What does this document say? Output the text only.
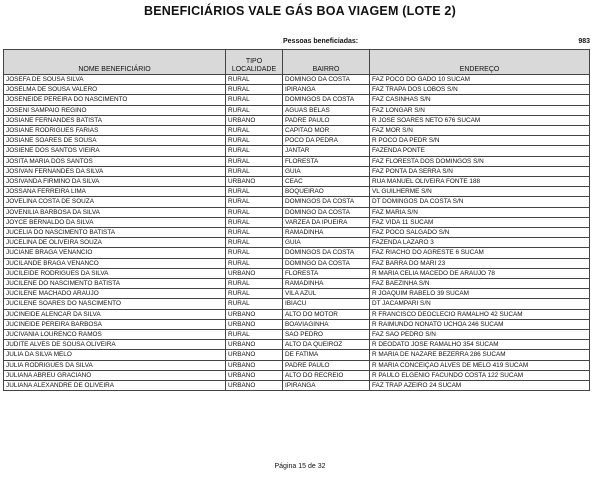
BENEFICIÁRIOS VALE GÁS BOA VIAGEM (LOTE 2)
Pessoas beneficiadas:	983
NOME BENEFICIÁRIO	TIPO LOCALIDADE	BAIRRO	ENDEREÇO
JOSEFA DE SOUSA SILVA	RURAL	DOMINGO DA COSTA	FAZ POCO DO GADO 10 SUCAM
JOSELMA DE SOUSA VALERO	RURAL	IPIRANGA	FAZ TRAPA DOS LOBOS S/N
JOSENEIDE PEREIRA DO NASCIMENTO	RURAL	DOMINGOS DA COSTA	FAZ CASINHAS S/N
JOSENI SAMPAIO REGINO	RURAL	AGUAS BELAS	FAZ LONGAR S/N
JOSIANE FERNANDES BATISTA	URBANO	PADRE PAULO	R JOSE SOARES NETO 676 SUCAM
JOSIANE RODRIGUES FARIAS	RURAL	CAPITAO MOR	FAZ MOR S/N
JOSIANE SOARES DE SOUSA	RURAL	POCO DA PEDRA	R POCO DA PEDR S/N
JOSIENE DOS SANTOS VIEIRA	RURAL	JANTAR	FAZENDA PONTE
JOSITA MARIA DOS SANTOS	RURAL	FLORESTA	FAZ FLORESTA DOS DOMINGOS S/N
JOSIVAN FERNANDES DA SILVA	RURAL	GUIA	FAZ PONTA DA SERRA S/N
JOSIVANDA FIRMINO DA SILVA	URBANO	CEAC	RUA MANUEL OLIVEIRA FONTE 188
JOSSANA FERREIRA LIMA	RURAL	BOQUEIRAO	VL GUILHERME S/N
JOVELINA COSTA DE SOUZA	RURAL	DOMINGOS DA COSTA	DT DOMINGOS DA COSTA S/N
JOVENILIA BARBOSA DA SILVA	RURAL	DOMINGO DA COSTA	FAZ MARIA S/N
JOYCE BERNALDO DA SILVA	RURAL	VARZEA DA IPUEIRA	FAZ VIDA 11 SUCAM
JUCELIA DO NASCIMENTO BATISTA	RURAL	RAMADINHA	FAZ POCO SALGADO S/N
JUCELINA DE OLIVEIRA SOUZA	RURAL	GUIA	FAZENDA LAZARO 3
JUCIANE BRAGA VENANCIO	RURAL	DOMINGOS DA COSTA	FAZ RIACHO DO AGRESTE 6 SUCAM
JUCILANDE BRAGA VENANCO	RURAL	DOMINGO DA COSTA	FAZ BARRA DO MARI 23
JUCILEIDE RODRIGUES DA SILVA	URBANO	FLORESTA	R MARIA CELIA MACEDO DE ARAUJO 78
JUCILENE DO NASCIMENTO BATISTA	RURAL	RAMADINHA	FAZ BAEZINHA S/N
JUCILENE MACHADO ARAUJO	RURAL	VILA AZUL	R JOAQUIM RABELO 39 SUCAM
JUCILENE SOARES DO NASCIMENTO	RURAL	IBIACU	DT JACAMPARI S/N
JUCINEIDE ALENCAR DA SILVA	URBANO	ALTO DO MOTOR	R FRANCISCO DEOCLECIO RAMALHO 42 SUCAM
JUCINEIDE PEREIRA BARBOSA	URBANO	BOAVIAGINHA	R RAIMUNDO NONATO UCHOA 246 SUCAM
JUCIVANIA LOURENCO RAMOS	RURAL	SAO PEDRO	FAZ SAO PEDRO S/N
JUDITE ALVES DE SOUSA OLIVEIRA	URBANO	ALTO DA QUEIROZ	R DEODATO JOSE RAMALHO 354 SUCAM
JULIA DA SILVA MELO	URBANO	DE FATIMA	R MARIA DE NAZARE BEZERRA 286 SUCAM
JULIA RODRIGUES DA SILVA	URBANO	PADRE PAULO	R MARIA CONCEIÇAO ALVES DE MELO 419 SUCAM
JULIANA ABREU GRACIANO	URBANO	ALTO DO RECREIO	R PAULO ELGENIO FACUNDO COSTA 122 SUCAM
JULIANA ALEXANDRE DE OLIVEIRA	URBANO	IPIRANGA	FAZ TRAP AZEIRO 24 SUCAM
Página 15 de 32
